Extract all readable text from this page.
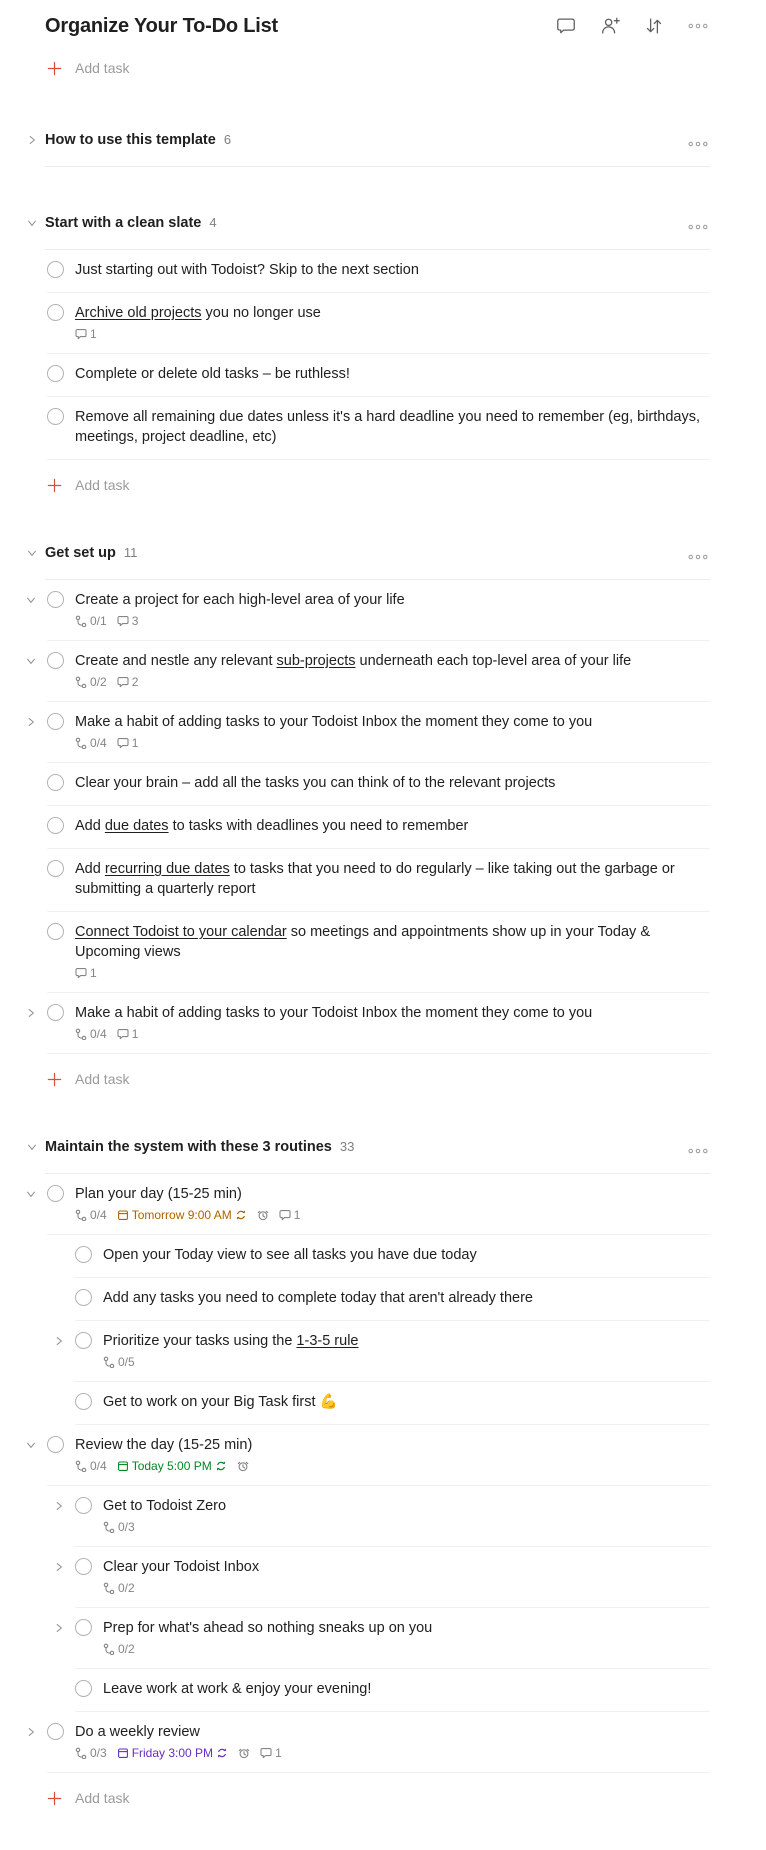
Organize Your To-Do List
Add task
How to use this template 6
Start with a clean slate 4
Just starting out with Todoist? Skip to the next section
Archive old projects you no longer use
1
Complete or delete old tasks – be ruthless!
Remove all remaining due dates unless it's a hard deadline you need to remember (eg, birthdays, meetings, project deadline, etc)
Add task
Get set up 11
Create a project for each high-level area of your life
0/1 3
Create and nestle any relevant sub-projects underneath each top-level area of your life
0/2 2
Make a habit of adding tasks to your Todoist Inbox the moment they come to you
0/4 1
Clear your brain – add all the tasks you can think of to the relevant projects
Add due dates to tasks with deadlines you need to remember
Add recurring due dates to tasks that you need to do regularly – like taking out the garbage or submitting a quarterly report
Connect Todoist to your calendar so meetings and appointments show up in your Today & Upcoming views
1
Make a habit of adding tasks to your Todoist Inbox the moment they come to you
0/4 1
Add task
Maintain the system with these 3 routines 33
Plan your day (15-25 min)
0/4 Tomorrow 9:00 AM	1
Open your Today view to see all tasks you have due today
Add any tasks you need to complete today that aren't already there
Prioritize your tasks using the 1-3-5 rule
0/5
Get to work on your Big Task first 💪
Review the day (15-25 min)
0/4 Today 5:00 PM
Get to Todoist Zero
0/3
Clear your Todoist Inbox
0/2
Prep for what's ahead so nothing sneaks up on you
0/2
Leave work at work & enjoy your evening!
Do a weekly review
0/3 Friday 3:00 PM	1
Add task
